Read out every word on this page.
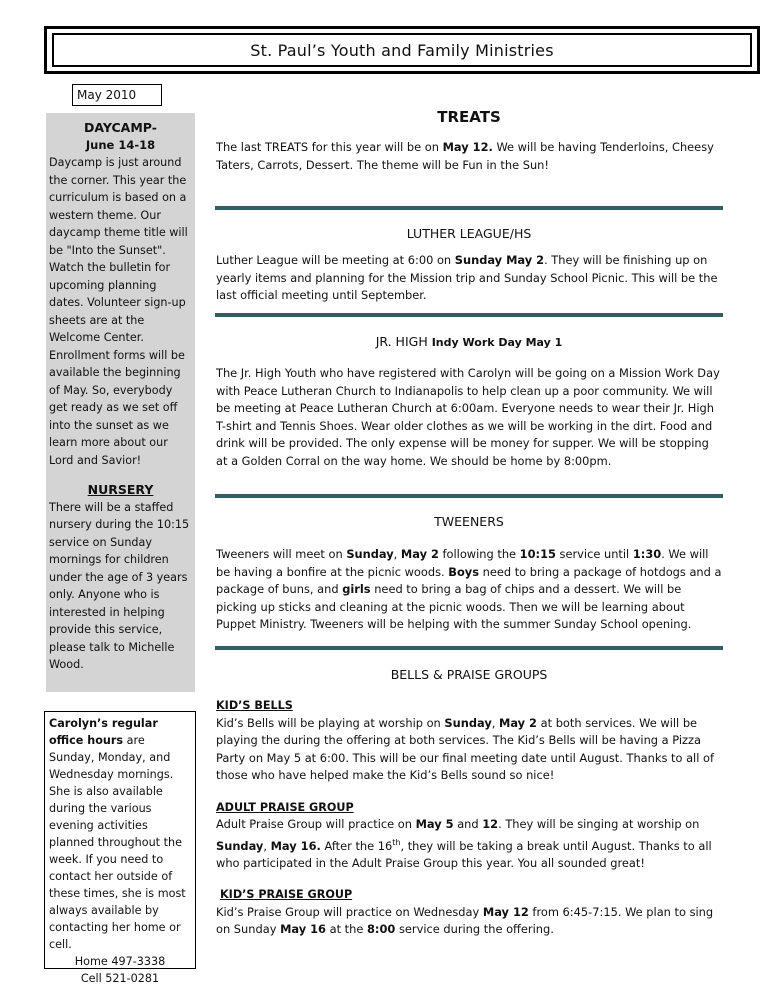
St. Paul’s Youth and Family Ministries
May 2010
DAYCAMP-
June 14-18
Daycamp is just around the corner. This year the curriculum is based on a western theme. Our daycamp theme title will be "Into the Sunset". Watch the bulletin for upcoming planning dates. Volunteer sign-up sheets are at the Welcome Center. Enrollment forms will be available the beginning of May. So, everybody get ready as we set off into the sunset as we learn more about our Lord and Savior!
NURSERY
There will be a staffed nursery during the 10:15 service on Sunday mornings for children under the age of 3 years only. Anyone who is interested in helping provide this service, please talk to Michelle Wood.
Carolyn’s regular office hours are Sunday, Monday, and Wednesday mornings. She is also available during the various evening activities planned throughout the week. If you need to contact her outside of these times, she is most always available by contacting her home or cell.
Home 497-3338
Cell 521-0281
TREATS
The last TREATS for this year will be on May 12. We will be having Tenderloins, Cheesy Taters, Carrots, Dessert. The theme will be Fun in the Sun!
LUTHER LEAGUE/HS
Luther League will be meeting at 6:00 on Sunday May 2. They will be finishing up on yearly items and planning for the Mission trip and Sunday School Picnic. This will be the last official meeting until September.
JR. HIGH Indy Work Day May 1
The Jr. High Youth who have registered with Carolyn will be going on a Mission Work Day with Peace Lutheran Church to Indianapolis to help clean up a poor community. We will be meeting at Peace Lutheran Church at 6:00am. Everyone needs to wear their Jr. High T-shirt and Tennis Shoes. Wear older clothes as we will be working in the dirt. Food and drink will be provided. The only expense will be money for supper. We will be stopping at a Golden Corral on the way home. We should be home by 8:00pm.
TWEENERS
Tweeners will meet on Sunday, May 2 following the 10:15 service until 1:30. We will be having a bonfire at the picnic woods. Boys need to bring a package of hotdogs and a package of buns, and girls need to bring a bag of chips and a dessert. We will be picking up sticks and cleaning at the picnic woods. Then we will be learning about Puppet Ministry. Tweeners will be helping with the summer Sunday School opening.
BELLS & PRAISE GROUPS
KID’S BELLS
Kid’s Bells will be playing at worship on Sunday, May 2 at both services. We will be playing the during the offering at both services. The Kid’s Bells will be having a Pizza Party on May 5 at 6:00. This will be our final meeting date until August. Thanks to all of those who have helped make the Kid’s Bells sound so nice!
ADULT PRAISE GROUP
Adult Praise Group will practice on May 5 and 12. They will be singing at worship on Sunday, May 16. After the 16th, they will be taking a break until August. Thanks to all who participated in the Adult Praise Group this year. You all sounded great!
KID’S PRAISE GROUP
Kid’s Praise Group will practice on Wednesday May 12 from 6:45-7:15. We plan to sing on Sunday May 16 at the 8:00 service during the offering.
